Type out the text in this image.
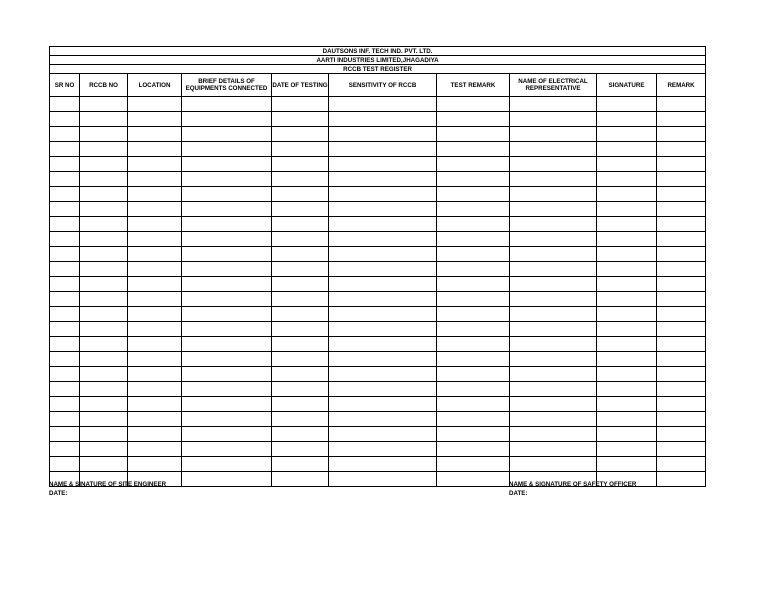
DAUTSONS INF. TECH IND. PVT. LTD.									
AARTI INDUSTRIES LIMITED,JHAGADIYA									
RCCB TEST REGISTER									
SR NO	RCCB NO	LOCATION	BRIEF DETAILS OF EQUIPMENTS CONNECTED	DATE OF TESTING	SENSITIVITY OF RCCB	TEST REMARK	NAME OF ELECTRICAL REPRESENTATIVE	SIGNATURE	REMARK

NAME & SINATURE OF SITE ENGINEER
DATE:
NAME & SIGNATURE OF SAFETY OFFICER
DATE:
